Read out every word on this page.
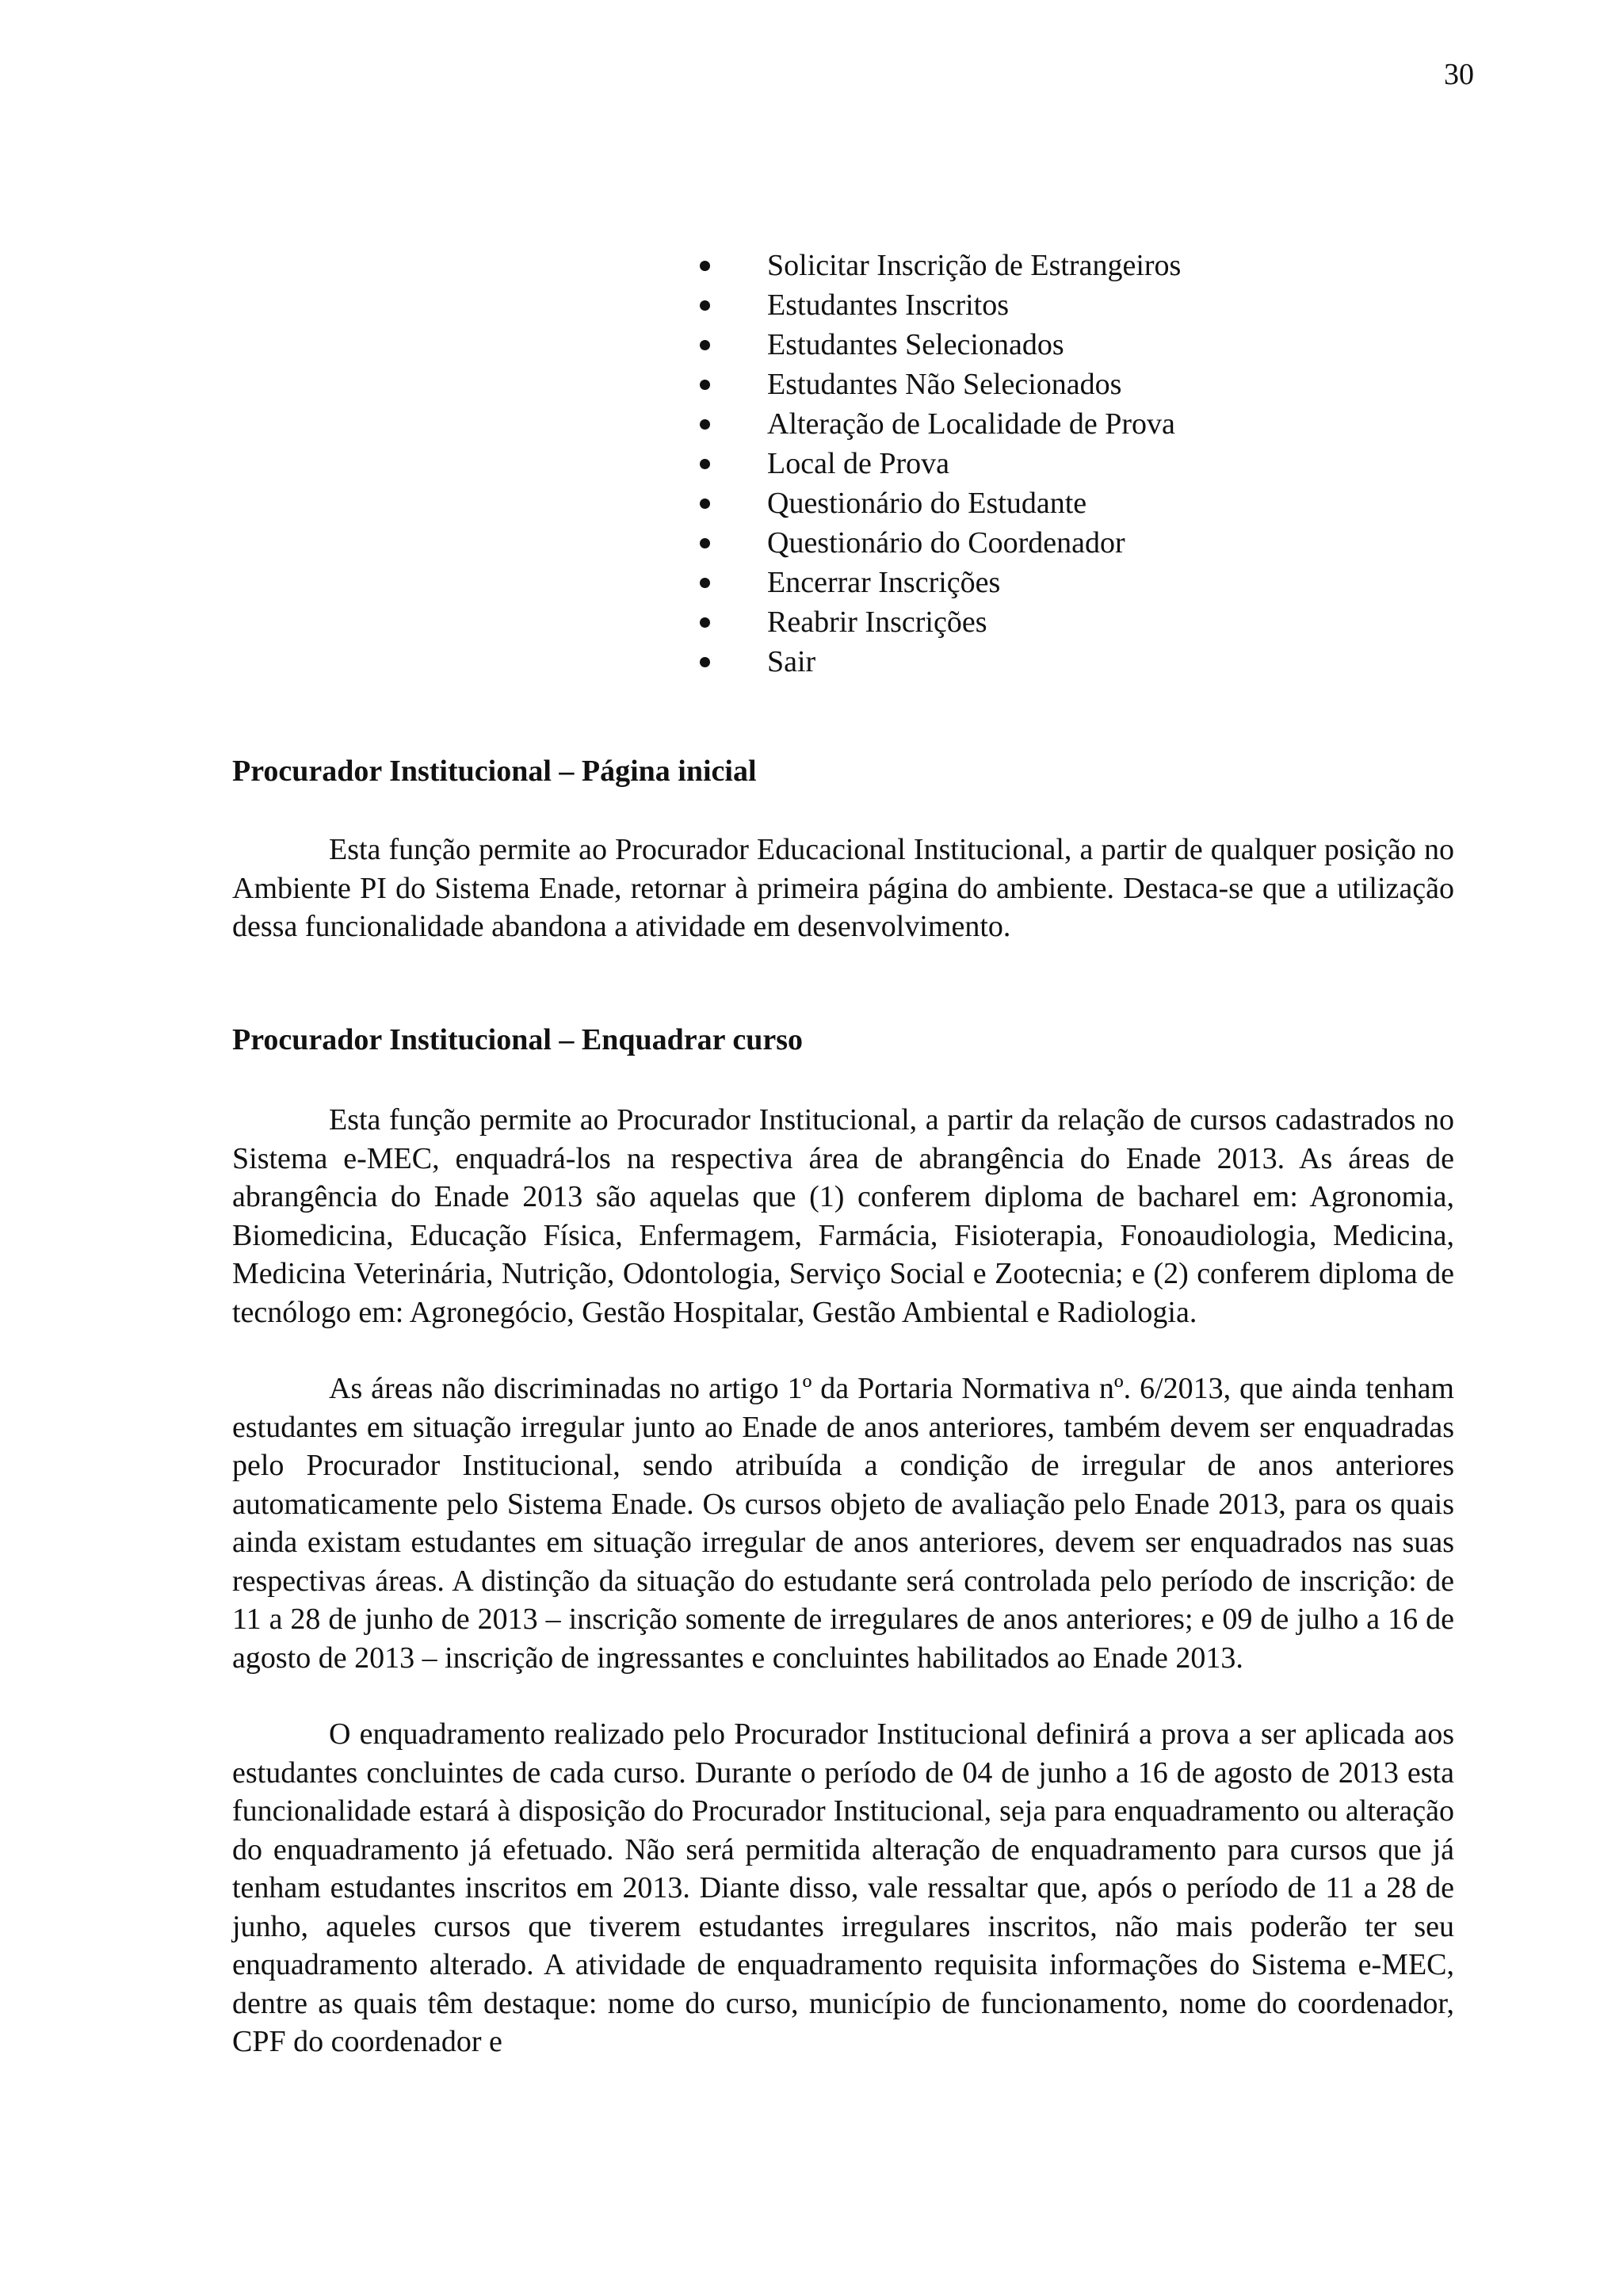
30
Solicitar Inscrição de Estrangeiros
Estudantes Inscritos
Estudantes Selecionados
Estudantes Não Selecionados
Alteração de Localidade de Prova
Local de Prova
Questionário do Estudante
Questionário do Coordenador
Encerrar Inscrições
Reabrir Inscrições
Sair
Procurador Institucional – Página inicial

Esta função permite ao Procurador Educacional Institucional, a partir de qualquer posição no Ambiente PI do Sistema Enade, retornar à primeira página do ambiente. Destaca-se que a utilização dessa funcionalidade abandona a atividade em desenvolvimento.

Procurador Institucional – Enquadrar curso

Esta função permite ao Procurador Institucional, a partir da relação de cursos cadastrados no Sistema e-MEC, enquadrá-los na respectiva área de abrangência do Enade 2013. As áreas de abrangência do Enade 2013 são aquelas que (1) conferem diploma de bacharel em: Agronomia, Biomedicina, Educação Física, Enfermagem, Farmácia, Fisioterapia, Fonoaudiologia, Medicina, Medicina Veterinária, Nutrição, Odontologia, Serviço Social e Zootecnia; e (2) conferem diploma de tecnólogo em: Agronegócio, Gestão Hospitalar, Gestão Ambiental e Radiologia.

As áreas não discriminadas no artigo 1º da Portaria Normativa nº. 6/2013, que ainda tenham estudantes em situação irregular junto ao Enade de anos anteriores, também devem ser enquadradas pelo Procurador Institucional, sendo atribuída a condição de irregular de anos anteriores automaticamente pelo Sistema Enade. Os cursos objeto de avaliação pelo Enade 2013, para os quais ainda existam estudantes em situação irregular de anos anteriores, devem ser enquadrados nas suas respectivas áreas. A distinção da situação do estudante será controlada pelo período de inscrição: de 11 a 28 de junho de 2013 – inscrição somente de irregulares de anos anteriores; e 09 de julho a 16 de agosto de 2013 – inscrição de ingressantes e concluintes habilitados ao Enade 2013.

O enquadramento realizado pelo Procurador Institucional definirá a prova a ser aplicada aos estudantes concluintes de cada curso. Durante o período de 04 de junho a 16 de agosto de 2013 esta funcionalidade estará à disposição do Procurador Institucional, seja para enquadramento ou alteração do enquadramento já efetuado. Não será permitida alteração de enquadramento para cursos que já tenham estudantes inscritos em 2013. Diante disso, vale ressaltar que, após o período de 11 a 28 de junho, aqueles cursos que tiverem estudantes irregulares inscritos, não mais poderão ter seu enquadramento alterado. A atividade de enquadramento requisita informações do Sistema e-MEC, dentre as quais têm destaque: nome do curso, município de funcionamento, nome do coordenador, CPF do coordenador e
